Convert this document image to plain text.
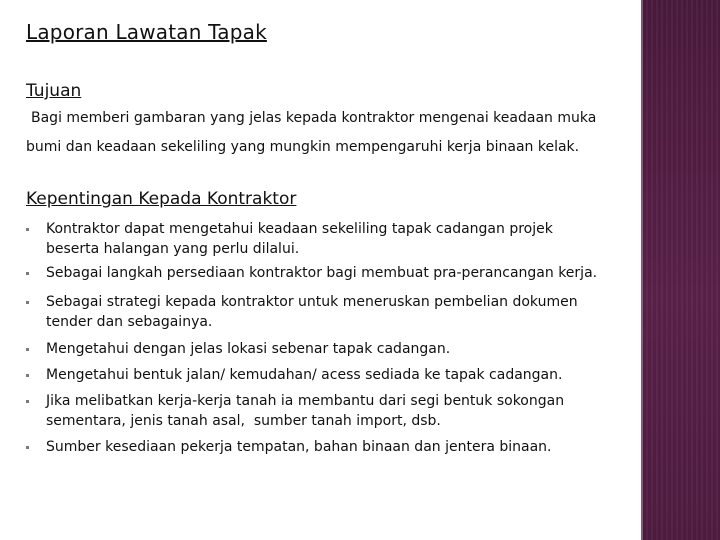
Laporan Lawatan Tapak
Tujuan

Bagi memberi gambaran yang jelas kepada kontraktor mengenai keadaan muka

bumi dan keadaan sekeliling yang mungkin mempengaruhi kerja binaan kelak.

Kepentingan Kepada Kontraktor
Kontraktor dapat mengetahui keadaan sekeliling tapak cadangan projek
beserta halangan yang perlu dilalui.
Sebagai langkah persediaan kontraktor bagi membuat pra-perancangan kerja.
Sebagai strategi kepada kontraktor untuk meneruskan pembelian dokumen
tender dan sebagainya.
Mengetahui dengan jelas lokasi sebenar tapak cadangan.
Mengetahui bentuk jalan/ kemudahan/ acess sediada ke tapak cadangan.
Jika melibatkan kerja-kerja tanah ia membantu dari segi bentuk sokongan
sementara, jenis tanah asal,  sumber tanah import, dsb.
Sumber kesediaan pekerja tempatan, bahan binaan dan jentera binaan.
